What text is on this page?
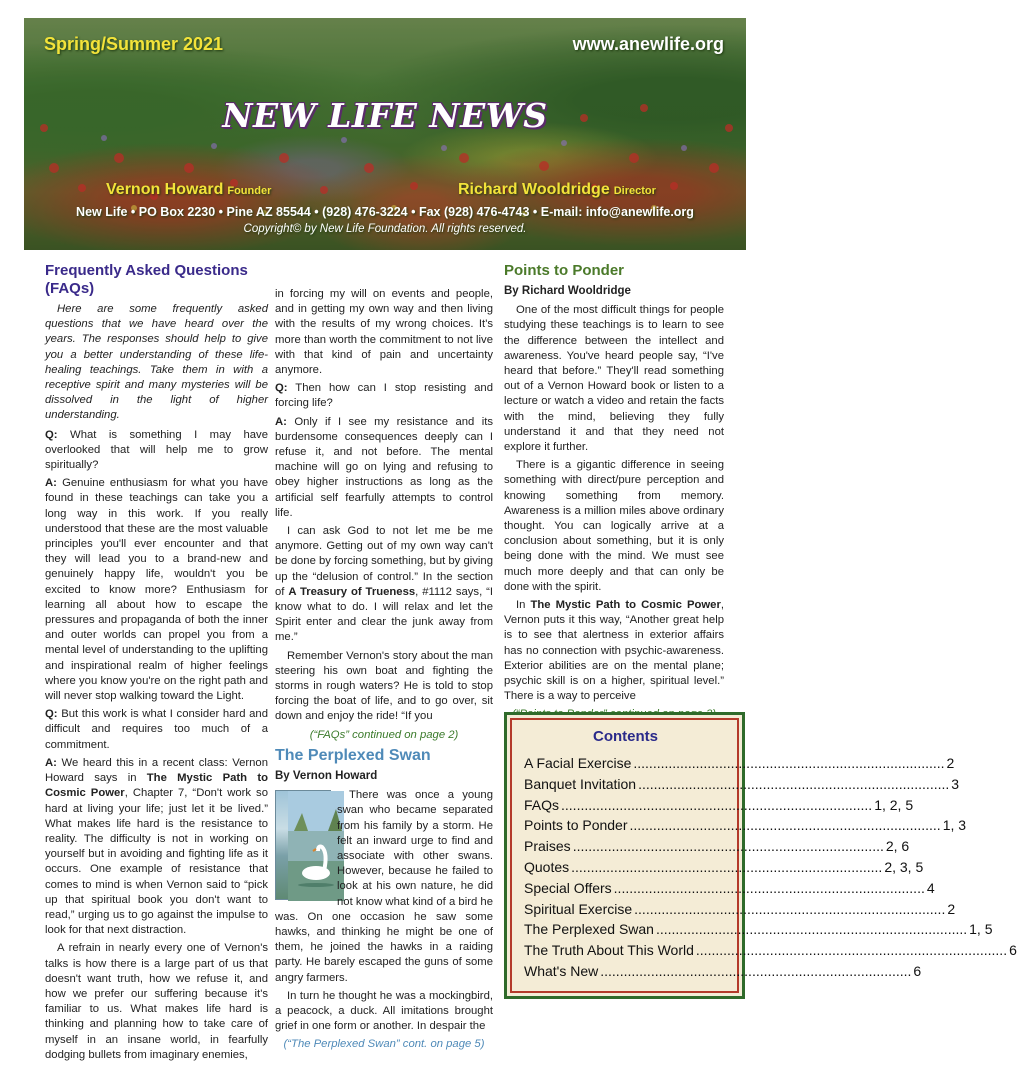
Spring/Summer 2021	www.anewlife.org
NEW LIFE NEWS
Vernon Howard Founder	Richard Wooldridge Director
New Life • PO Box 2230 • Pine AZ 85544 • (928) 476-3224 • Fax (928) 476-4743 • E-mail: info@anewlife.org
Copyright© by New Life Foundation. All rights reserved.
Frequently Asked Questions (FAQs)

Here are some frequently asked questions that we have heard over the years. The responses should help to give you a better understanding of these life-healing teachings. Take them in with a receptive spirit and many mysteries will be dissolved in the light of higher understanding.

Q: What is something I may have overlooked that will help me to grow spiritually?

A: Genuine enthusiasm for what you have found in these teachings can take you a long way in this work. If you really understood that these are the most valuable principles you'll ever encounter and that they will lead you to a brand-new and genuinely happy life, wouldn't you be excited to know more? Enthusiasm for learning all about how to escape the pressures and propaganda of both the inner and outer worlds can propel you from a mental level of understanding to the uplifting and inspirational realm of higher feelings where you know you're on the right path and will never stop walking toward the Light.

Q: But this work is what I consider hard and difficult and requires too much of a commitment.

A: We heard this in a recent class: Vernon Howard says in The Mystic Path to Cosmic Power, Chapter 7, “Don't work so hard at living your life; just let it be lived.” What makes life hard is the resistance to reality. The difficulty is not in working on yourself but in avoiding and fighting life as it occurs. One example of resistance that comes to mind is when Vernon said to “pick up that spiritual book you don't want to read,” urging us to go against the impulse to look for that next distraction.

A refrain in nearly every one of Vernon's talks is how there is a large part of us that doesn't want truth, how we refuse it, and how we prefer our suffering because it's familiar to us. What makes life hard is thinking and planning how to take care of myself in an insane world, in fearfully dodging bullets from imaginary enemies,

in forcing my will on events and people, and in getting my own way and then living with the results of my wrong choices. It's more than worth the commitment to not live with that kind of pain and uncertainty anymore.

Q: Then how can I stop resisting and forcing life?

A: Only if I see my resistance and its burdensome consequences deeply can I refuse it, and not before. The mental machine will go on lying and refusing to obey higher instructions as long as the artificial self fearfully attempts to control life.

I can ask God to not let me be me anymore. Getting out of my own way can't be done by forcing something, but by giving up the “delusion of control.” In the section of A Treasury of Trueness, #1112 says, “I know what to do. I will relax and let the Spirit enter and clear the junk away from me.”

Remember Vernon's story about the man steering his own boat and fighting the storms in rough waters? He is told to stop forcing the boat of life, and to go over, sit down and enjoy the ride! “If you

(“FAQs” continued on page 2)
The Perplexed Swan
By Vernon Howard

There was once a young swan who became separated from his family by a storm. He felt an inward urge to find and associate with other swans. However, because he failed to look at his own nature, he did not know what kind of a bird he was. On one occasion he saw some hawks, and thinking he might be one of them, he joined the hawks in a raiding party. He barely escaped the guns of some angry farmers.

In turn he thought he was a mockingbird, a peacock, a duck. All imitations brought grief in one form or another. In despair the

(“The Perplexed Swan” cont. on page 5)
Points to Ponder
By Richard Wooldridge

One of the most difficult things for people studying these teachings is to learn to see the difference between the intellect and awareness. You've heard people say, “I've heard that before.” They'll read something out of a Vernon Howard book or listen to a lecture or watch a video and retain the facts with the mind, believing they fully understand it and that they need not explore it further.

There is a gigantic difference in seeing something with direct/pure perception and knowing something from memory. Awareness is a million miles above ordinary thought. You can logically arrive at a conclusion about something, but it is only being done with the mind. We must see much more deeply and that can only be done with the spirit.

In The Mystic Path to Cosmic Power, Vernon puts it this way, “Another great help is to see that alertness in exterior affairs has no connection with psychic-awareness. Exterior abilities are on the mental plane; psychic skill is on a higher, spiritual level.” There is a way to perceive

Contents
A Facial Exercise .....	2
Banquet Invitation .....	3
FAQs .....	1, 2, 5
Points to Ponder .....	1, 3
Praises .....	2, 6
Quotes .....	2, 3, 5
Special Offers .....	4
Spiritual Exercise .....	2
The Perplexed Swan .....	1, 5
The Truth About This World .....	6
What's New .....	6
